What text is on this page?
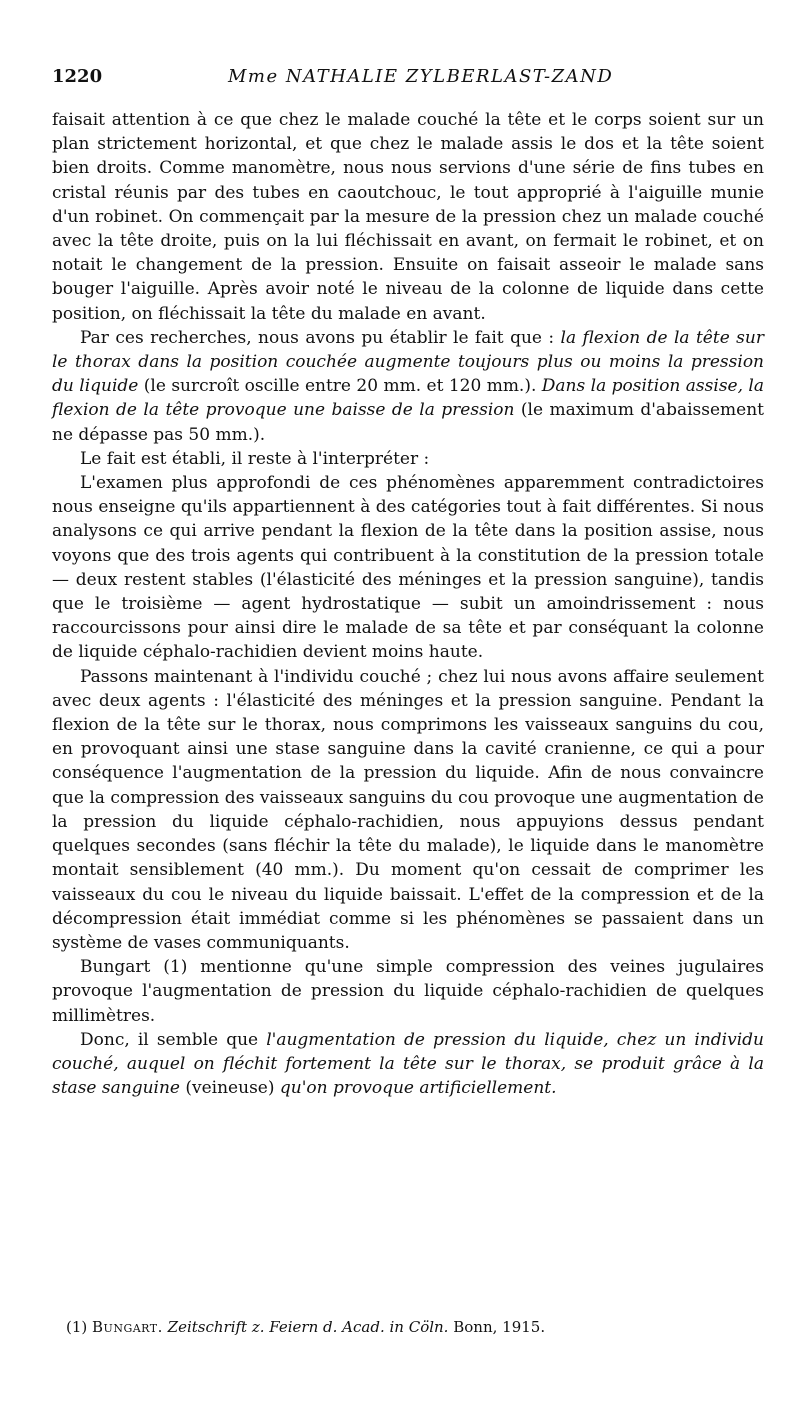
1220	Mme NATHALIE ZYLBERLAST-ZAND

faisait attention à ce que chez le malade couché la tête et le corps soient sur un plan strictement horizontal, et que chez le malade assis le dos et la tête soient bien droits. Comme manomètre, nous nous servions d'une série de fins tubes en cristal réunis par des tubes en caoutchouc, le tout approprié à l'aiguille munie d'un robinet. On commençait par la mesure de la pression chez un malade couché avec la tête droite, puis on la lui fléchissait en avant, on fermait le robinet, et on notait le changement de la pression. Ensuite on faisait asseoir le malade sans bouger l'aiguille. Après avoir noté le niveau de la colonne de liquide dans cette position, on fléchissait la tête du malade en avant.

Par ces recherches, nous avons pu établir le fait que : la flexion de la tête sur le thorax dans la position couchée augmente toujours plus ou moins la pression du liquide (le surcroît oscille entre 20 mm. et 120 mm.). Dans la position assise, la flexion de la tête provoque une baisse de la pression (le maximum d'abaissement ne dépasse pas 50 mm.).

Le fait est établi, il reste à l'interpréter :

L'examen plus approfondi de ces phénomènes apparemment contradictoires nous enseigne qu'ils appartiennent à des catégories tout à fait différentes. Si nous analysons ce qui arrive pendant la flexion de la tête dans la position assise, nous voyons que des trois agents qui contribuent à la constitution de la pression totale — deux restent stables (l'élasticité des méninges et la pression sanguine), tandis que le troisième — agent hydrostatique — subit un amoindrissement : nous raccourcissons pour ainsi dire le malade de sa tête et par conséquant la colonne de liquide céphalo-rachidien devient moins haute.

Passons maintenant à l'individu couché ; chez lui nous avons affaire seulement avec deux agents : l'élasticité des méninges et la pression sanguine. Pendant la flexion de la tête sur le thorax, nous comprimons les vaisseaux sanguins du cou, en provoquant ainsi une stase sanguine dans la cavité cranienne, ce qui a pour conséquence l'augmentation de la pression du liquide. Afin de nous convaincre que la compression des vaisseaux sanguins du cou provoque une augmentation de la pression du liquide céphalo-rachidien, nous appuyions dessus pendant quelques secondes (sans fléchir la tête du malade), le liquide dans le manomètre montait sensiblement (40 mm.). Du moment qu'on cessait de comprimer les vaisseaux du cou le niveau du liquide baissait. L'effet de la compression et de la décompression était immédiat comme si les phénomènes se passaient dans un système de vases communiquants.

Bungart (1) mentionne qu'une simple compression des veines jugulaires provoque l'augmentation de pression du liquide céphalo-rachidien de quelques millimètres.

Donc, il semble que l'augmentation de pression du liquide, chez un individu couché, auquel on fléchit fortement la tête sur le thorax, se produit grâce à la stase sanguine (veineuse) qu'on provoque artificiellement.

(1) Bungart. Zeitschrift z. Feiern d. Acad. in Cöln. Bonn, 1915.
